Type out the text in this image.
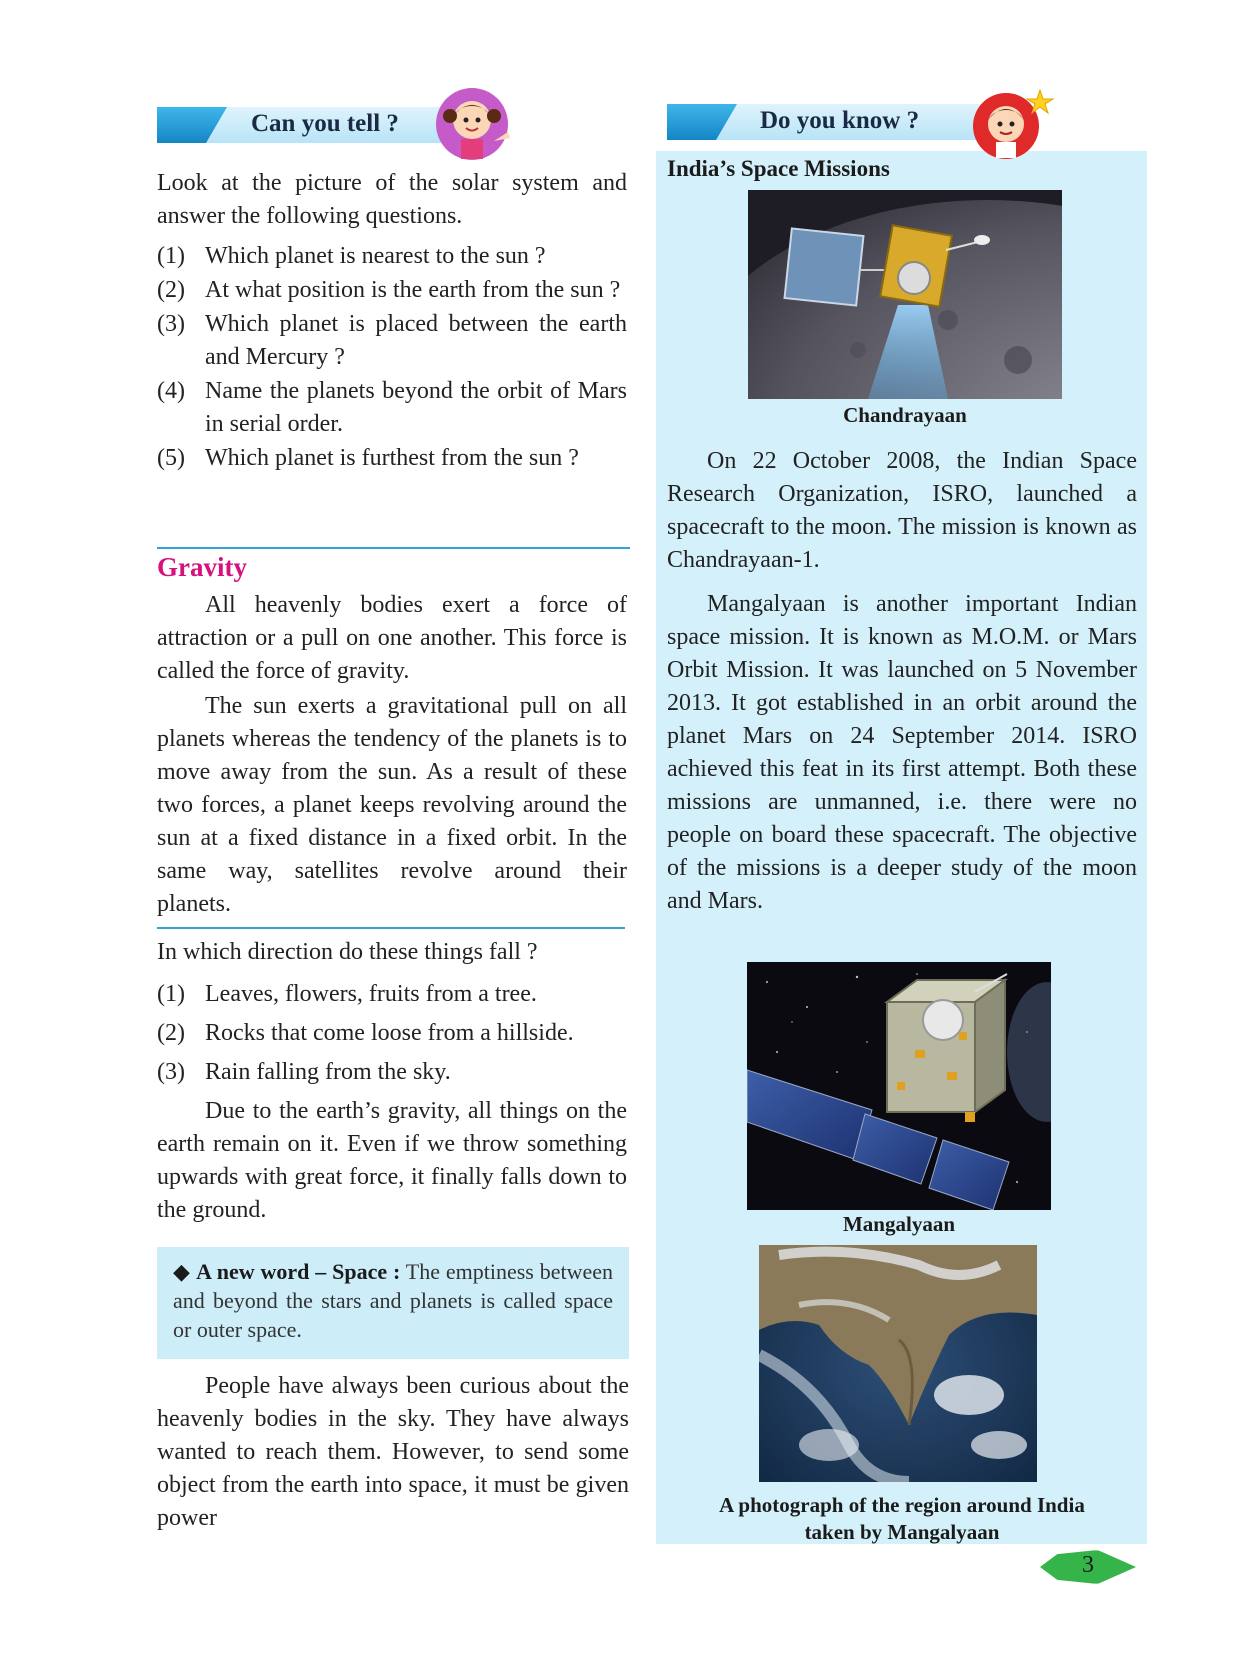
Can you tell ?
Look at the picture of the solar system and answer the following questions.
(1) Which planet is nearest to the sun ?
(2) At what position is the earth from the sun ?
(3) Which planet is placed between the earth and Mercury ?
(4) Name the planets beyond the orbit of Mars in serial order.
(5) Which planet is furthest from the sun ?
Gravity
All heavenly bodies exert a force of attraction or a pull on one another. This force is called the force of gravity.
The sun exerts a gravitational pull on all planets whereas the tendency of the planets is to move away from the sun. As a result of these two forces, a planet keeps revolving around the sun at a fixed distance in a fixed orbit. In the same way, satellites revolve around their planets.
In which direction do these things fall ?
(1) Leaves, flowers, fruits from a tree.
(2) Rocks that come loose from a hillside.
(3) Rain falling from the sky.
Due to the earth’s gravity, all things on the earth remain on it. Even if we throw something upwards with great force, it finally falls down to the ground.
◆ A new word – Space : The emptiness between and beyond the stars and planets is called space or outer space.
People have always been curious about the heavenly bodies in the sky. They have always wanted to reach them. However, to send some object from the earth into space, it must be given power
Do you know ?
India’s Space Missions
Chandrayaan
On 22 October 2008, the Indian Space Research Organization, ISRO, launched a spacecraft to the moon. The mission is known as Chandrayaan-1.
Mangalyaan is another important Indian space mission. It is known as M.O.M. or Mars Orbit Mission. It was launched on 5 November 2013. It got established in an orbit around the planet Mars on 24 September 2014. ISRO achieved this feat in its first attempt. Both these missions are unmanned, i.e. there were no people on board these spacecraft. The objective of the missions is a deeper study of the moon and Mars.
Mangalyaan
A photograph of the region around India
taken by Mangalyaan
3
